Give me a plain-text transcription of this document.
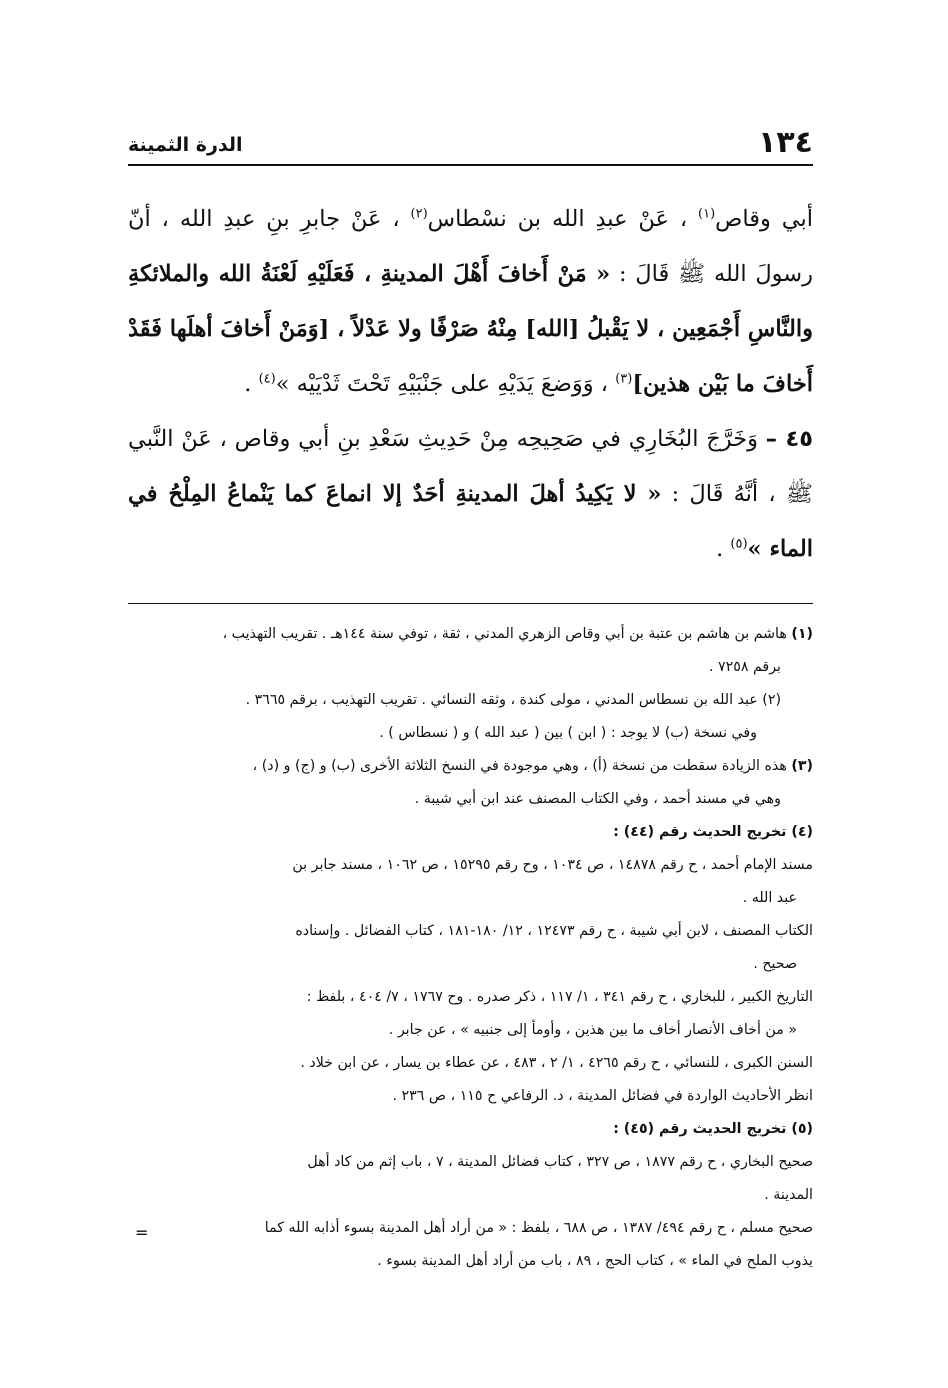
١٣٤
الدرة الثمينة

أبي وقاص$^{(١)}$ ، عَنْ عبدِ الله بن نسْطاس$^{(٢)}$ ، عَنْ جابرِ بنِ عبدِ الله ، أنّ رسولَ الله ﷺ قَالَ : « مَنْ أَخافَ أَهْلَ المدينةِ ، فَعَلَيْهِ لَعْنَةُ الله والملائكةِ والنَّاسِ أَجْمَعِين ، لا يَقْبلُ [الله] مِنْهُ صَرْفًا ولا عَدْلاً ، [وَمَنْ أَخافَ أهلَها فَقَدْ أَخافَ ما بَيْن هذين]$^{(٣)}$ ، وَوَضعَ يَدَيْهِ على جَنْبَيْهِ تَحْتَ ثَدْيَيْه »$^{(٤)}$ .

٤٥ – وَخَرَّجَ البُخَارِي في صَحِيحِه مِنْ حَدِيثِ سَعْدِ بنِ أبي وقاص ، عَنْ النَّبي ﷺ ، أنَّهُ قَالَ : « لا يَكِيدُ أهلَ المدينةِ أحَدٌ إلا انماعَ كما يَنْماعُ المِلْحُ في الماء »$^{(٥)}$ .

(١) هاشم بن هاشم بن عتبة بن أبي وقاص الزهري المدني ، ثقة ، توفي سنة ١٤٤هـ . تقريب التهذيب ،

برقم ٧٢٥٨ .

(٢) عبد الله بن نسطاس المدني ، مولى كندة ، وثقه النسائي . تقريب التهذيب ، برقم ٣٦٦٥ .

وفي نسخة (ب) لا يوجد : ( ابن ) بين ( عبد الله ) و ( نسطاس ) .

(٣) هذه الزيادة سقطت من نسخة (أ) ، وهي موجودة في النسخ الثلاثة الأخرى (ب) و (ج) و (د) ،

وهي في مسند أحمد ، وفي الكتاب المصنف عند ابن أبي شيبة .

(٤) تخريج الحديث رقم (٤٤) :

مسند الإمام أحمد ، ح رقم ١٤٨٧٨ ، ص ١٠٣٤ ، وح رقم ١٥٢٩٥ ، ص ١٠٦٢ ، مسند جابر بن

عبد الله .

الكتاب المصنف ، لابن أبي شيبة ، ح رقم ١٢٤٧٣ ، ١٢/ ١٨٠-١٨١ ، كتاب الفضائل . وإسناده

صحيح .

التاريخ الكبير ، للبخاري ، ح رقم ٣٤١ ، ١/ ١١٧ ، ذكر صدره . وح ١٧٦٧ ، ٧/ ٤٠٤ ، بلفظ :

« من أخاف الأنصار أخاف ما بين هذين ، وأومأ إلى جنبيه » ، عن جابر .

السنن الكبرى ، للنسائي ، ح رقم ٤٢٦٥ ، ١/ ٢ ، ٤٨٣ ، عن عطاء بن يسار ، عن ابن خلاد .

انظر الأحاديث الواردة في فضائل المدينة ، د. الرفاعي ح ١١٥ ، ص ٢٣٦ .

(٥) تخريج الحديث رقم (٤٥) :

صحيح البخاري ، ح رقم ١٨٧٧ ، ص ٣٢٧ ، كتاب فضائل المدينة ، ٧ ، باب إثم من كاد أهل

المدينة .

صحيح مسلم ، ح رقم ٤٩٤/ ١٣٨٧ ، ص ٦٨٨ ، بلفظ : « من أراد أهل المدينة بسوء أذابه الله كما

يذوب الملح في الماء » ، كتاب الحج ، ٨٩ ، باب من أراد أهل المدينة بسوء .

=
